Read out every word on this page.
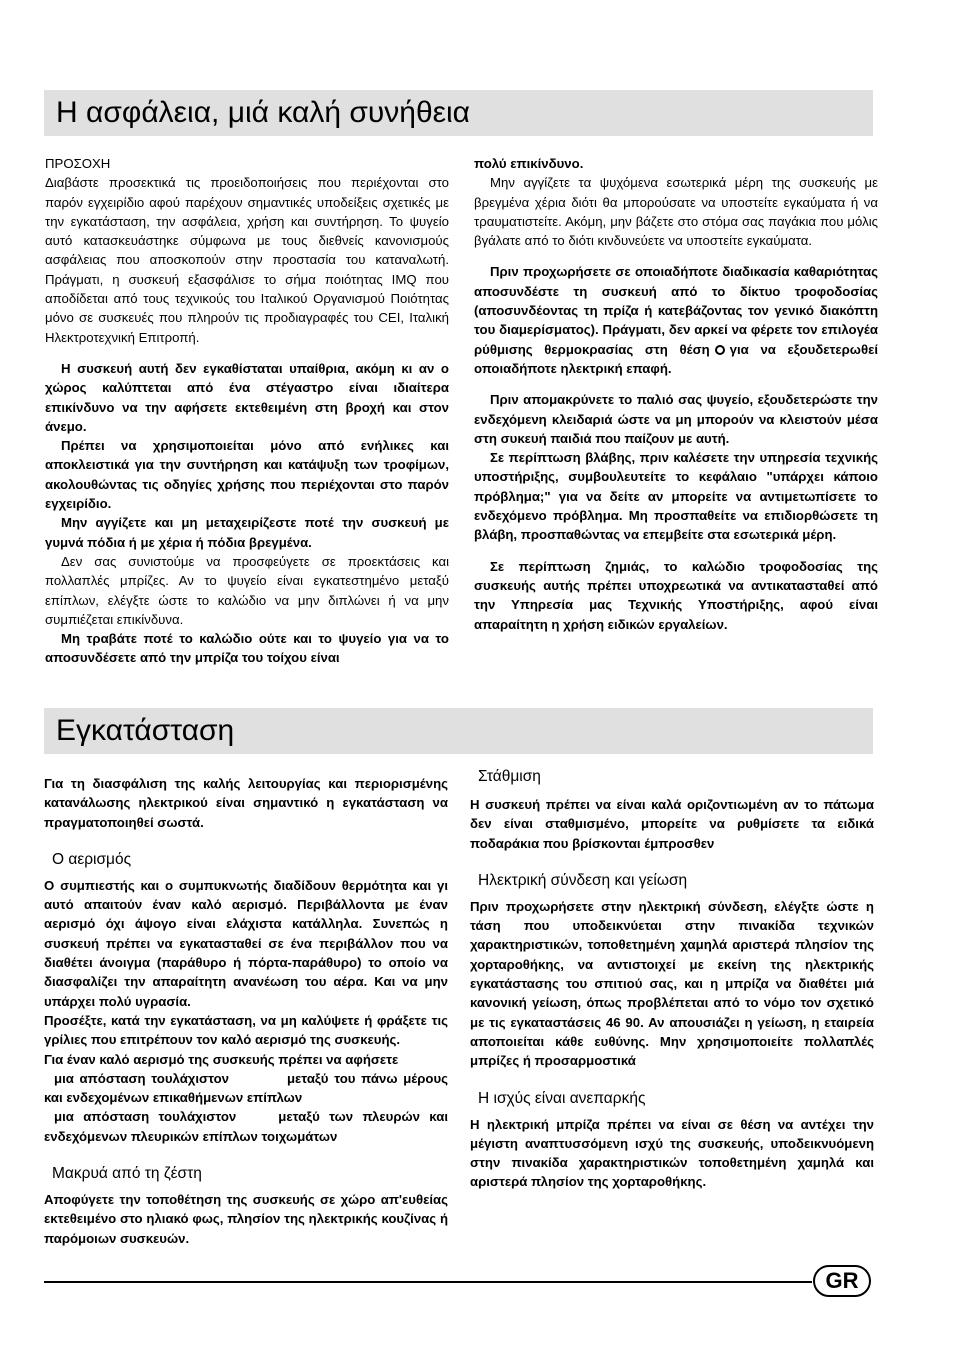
Η ασφάλεια, μιά καλή συνήθεια

ΠΡΟΣΟΧΗ

Διαβάστε προσεκτικά τις προειδοποιήσεις που περιέχονται στο παρόν εγχειρίδιο αφού παρέχουν σημαντικές υποδείξεις σχετικές με την εγκατάσταση, την ασφάλεια, χρήση και συντήρηση. Το ψυγείο αυτό κατασκευάστηκε σύμφωνα με τους διεθνείς κανονισμούς ασφάλειας που αποσκοπούν στην προστασία του καταναλωτή. Πράγματι, η συσκευή εξασφάλισε το σήμα ποιότητας IMQ που αποδίδεται από τους τεχνικούς του Ιταλικού Οργανισμού Ποιότητας μόνο σε συσκευές που πληρούν τις προδιαγραφές του CEI, Ιταλική Ηλεκτροτεχνική Επιτροπή.

Η συσκευή αυτή δεν εγκαθίσταται υπαίθρια, ακόμη κι αν ο χώρος καλύπτεται από ένα στέγαστρο είναι ιδιαίτερα επικίνδυνο να την αφήσετε εκτεθειμένη στη βροχή και στον άνεμο.

Πρέπει να χρησιμοποιείται μόνο από ενήλικες και αποκλειστικά για την συντήρηση και κατάψυξη των τροφίμων, ακολουθώντας τις οδηγίες χρήσης που περιέχονται στο παρόν εγχειρίδιο.

Μην αγγίζετε και μη μεταχειρίζεστε ποτέ την συσκευή με γυμνά πόδια ή με χέρια ή πόδια βρεγμένα.

Δεν σας συνιστούμε να προσφεύγετε σε προεκτάσεις και πολλαπλές μπρίζες. Αν το ψυγείο είναι εγκατεστημένο μεταξύ επίπλων, ελέγξτε ώστε το καλώδιο να μην διπλώνει ή να μην συμπιέζεται επικίνδυνα.

Μη τραβάτε ποτέ το καλώδιο ούτε και το ψυγείο για να το αποσυνδέσετε από την μπρίζα του τοίχου είναι

πολύ επικίνδυνο.

Μην αγγίζετε τα ψυχόμενα εσωτερικά μέρη της συσκευής με βρεγμένα χέρια διότι θα μπορούσατε να υποστείτε εγκαύματα ή να τραυματιστείτε. Ακόμη, μην βάζετε στο στόμα σας παγάκια που μόλις βγάλατε από το διότι κινδυνεύετε να υποστείτε εγκαύματα.

Πριν προχωρήσετε σε οποιαδήποτε διαδικασία καθαριότητας αποσυνδέστε τη συσκευή από το δίκτυο τροφοδοσίας (αποσυνδέοντας τη πρίζα ή κατεβάζοντας τον γενικό διακόπτη του διαμερίσματος). Πράγματι, δεν αρκεί να φέρετε τον επιλογέα ρύθμισης θερμοκρασίας στη θέση για να εξουδετερωθεί οποιαδήποτε ηλεκτρική επαφή.

Πριν απομακρύνετε το παλιό σας ψυγείο, εξουδετερώστε την ενδεχόμενη κλειδαριά ώστε να μη μπορούν να κλειστούν μέσα στη συκευή παιδιά που παίζουν με αυτή.

Σε περίπτωση βλάβης, πριν καλέσετε την υπηρεσία τεχνικής υποστήριξης, συμβουλευτείτε το κεφάλαιο "υπάρχει κάποιο πρόβλημα;" για να δείτε αν μπορείτε να αντιμετωπίσετε το ενδεχόμενο πρόβλημα. Μη προσπαθείτε να επιδιορθώσετε τη βλάβη, προσπαθώντας να επεμβείτε στα εσωτερικά μέρη.

Σε περίπτωση ζημιάς, το καλώδιο τροφοδοσίας της συσκευής αυτής πρέπει υποχρεωτικά να αντικατασταθεί από την Υπηρεσία μας Τεχνικής Υποστήριξης, αφού είναι απαραίτητη η χρήση ειδικών εργαλείων.

Εγκατάσταση

Για τη διασφάλιση της καλής λειτουργίας και περιορισμένης κατανάλωσης ηλεκτρικού είναι σημαντικό η εγκατάσταση να πραγματοποιηθεί σωστά.

Ο αερισμός

Ο συμπιεστής και ο συμπυκνωτής διαδίδουν θερμότητα και γι αυτό απαιτούν έναν καλό αερισμό. Περιβάλλοντα με έναν αερισμό όχι άψογο είναι ελάχιστα κατάλληλα. Συνεπώς η συσκευή πρέπει να εγκατασταθεί σε ένα περιβάλλον που να διαθέτει άνοιγμα (παράθυρο ή πόρτα-παράθυρο) το οποίο να διασφαλίζει την απαραίτητη ανανέωση του αέρα. Και να μην υπάρχει πολύ υγρασία.

Προσέξτε, κατά την εγκατάσταση, να μη καλύψετε ή φράξετε τις γρίλιες που επιτρέπουν τον καλό αερισμό της συσκευής.

Για έναν καλό αερισμό της συσκευής πρέπει να αφήσετε

μια απόσταση τουλάχιστον	μεταξύ του πάνω μέρους και ενδεχομένων επικαθήμενων επίπλων

μια απόσταση τουλάχιστον	μεταξύ των πλευρών και ενδεχόμενων πλευρικών επίπλων τοιχωμάτων

Μακρυά από τη ζέστη

Αποφύγετε την τοποθέτηση της συσκευής σε χώρο απ'ευθείας εκτεθειμένο στο ηλιακό φως, πλησίον της ηλεκτρικής κουζίνας ή παρόμοιων συσκευών.

Στάθμιση

Η συσκευή πρέπει να είναι καλά οριζοντιωμένη αν το πάτωμα δεν είναι σταθμισμένο, μπορείτε να ρυθμίσετε τα ειδικά ποδαράκια που βρίσκονται έμπροσθεν

Ηλεκτρική σύνδεση και γείωση

Πριν προχωρήσετε στην ηλεκτρική σύνδεση, ελέγξτε ώστε η τάση που υποδεικνύεται στην πινακίδα τεχνικών χαρακτηριστικών, τοποθετημένη χαμηλά αριστερά πλησίον της χορταροθήκης, να αντιστοιχεί με εκείνη της ηλεκτρικής εγκατάστασης του σπιτιού σας, και η μπρίζα να διαθέτει μιά κανονική γείωση, όπως προβλέπεται από το νόμο τον σχετικό με τις εγκαταστάσεις 46 90. Αν απουσιάζει η γείωση, η εταιρεία αποποιείται κάθε ευθύνης. Μην χρησιμοποιείτε πολλαπλές μπρίζες ή προσαρμοστικά

Η ισχύς είναι ανεπαρκής

Η ηλεκτρική μπρίζα πρέπει να είναι σε θέση να αντέχει την μέγιστη αναπτυσσόμενη ισχύ της συσκευής, υποδεικνυόμενη στην πινακίδα χαρακτηριστικών τοποθετημένη χαμηλά και αριστερά πλησίον της χορταροθήκης.

GR
